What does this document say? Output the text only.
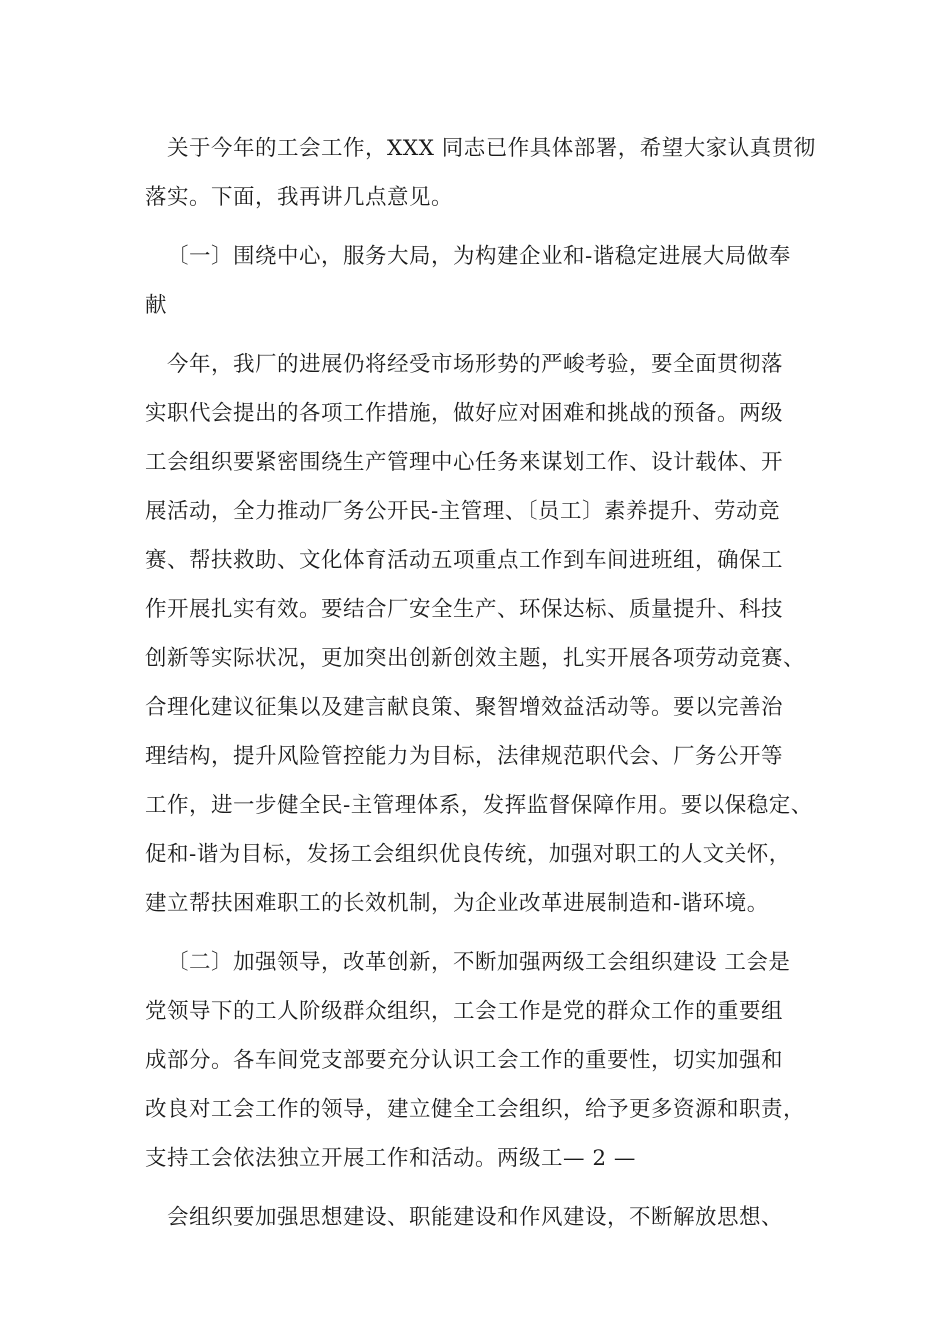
关于今年的工会工作，XXX 同志已作具体部署，希望大家认真贯彻
落实。下面，我再讲几点意见。
〔一〕围绕中心，服务大局，为构建企业和-谐稳定进展大局做奉
献
今年，我厂的进展仍将经受市场形势的严峻考验，要全面贯彻落
实职代会提出的各项工作措施，做好应对困难和挑战的预备。两级
工会组织要紧密围绕生产管理中心任务来谋划工作、设计载体、开
展活动，全力推动厂务公开民-主管理、〔员工〕素养提升、劳动竞
赛、帮扶救助、文化体育活动五项重点工作到车间进班组，确保工
作开展扎实有效。要结合厂安全生产、环保达标、质量提升、科技
创新等实际状况，更加突出创新创效主题，扎实开展各项劳动竞赛、
合理化建议征集以及建言献良策、聚智增效益活动等。要以完善治
理结构，提升风险管控能力为目标，法律规范职代会、厂务公开等
工作，进一步健全民-主管理体系，发挥监督保障作用。要以保稳定、
促和-谐为目标，发扬工会组织优良传统，加强对职工的人文关怀，
建立帮扶困难职工的长效机制，为企业改革进展制造和-谐环境。
〔二〕加强领导，改革创新，不断加强两级工会组织建设 工会是
党领导下的工人阶级群众组织，工会工作是党的群众工作的重要组
成部分。各车间党支部要充分认识工会工作的重要性，切实加强和
改良对工会工作的领导，建立健全工会组织，给予更多资源和职责，
支持工会依法独立开展工作和活动。两级工— 2 —
会组织要加强思想建设、职能建设和作风建设，不断解放思想、
